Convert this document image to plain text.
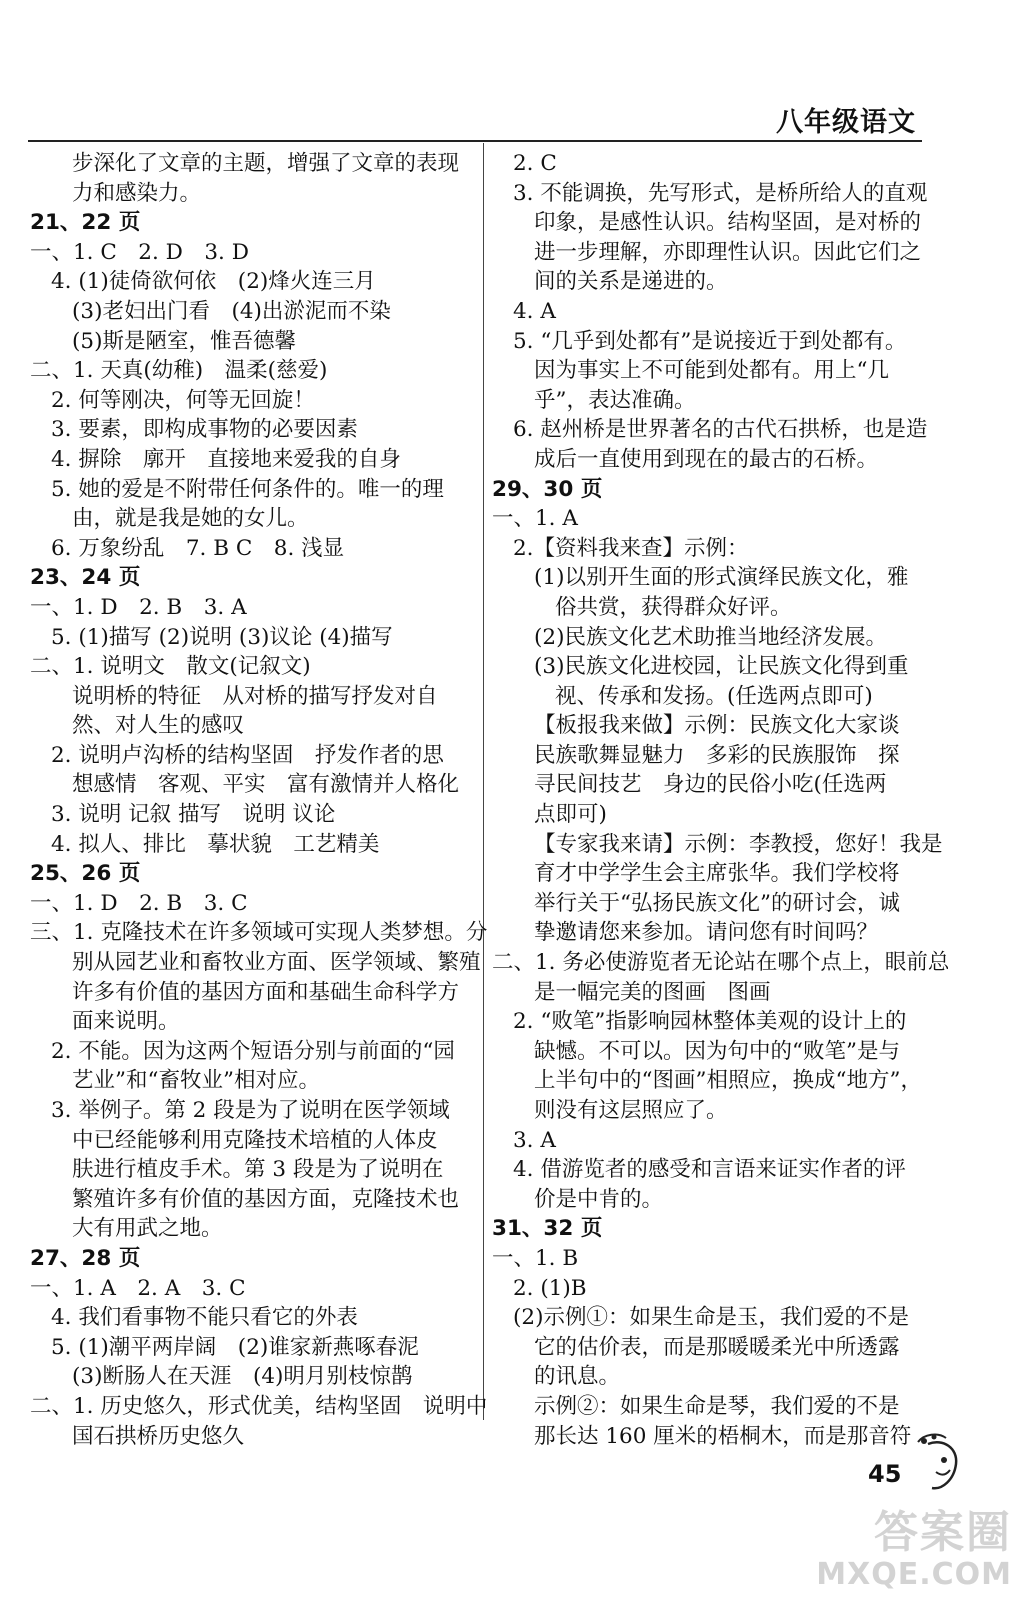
八年级语文
步深化了文章的主题，增强了文章的表现
力和感染力。
21、22 页
一、1. C　2. D　3. D
4. (1)徒倚欲何依　(2)烽火连三月
(3)老妇出门看　(4)出淤泥而不染
(5)斯是陋室，惟吾德馨
二、1. 天真(幼稚)　温柔(慈爱)
2. 何等刚决，何等无回旋！
3. 要素，即构成事物的必要因素
4. 摒除　廓开　直接地来爱我的自身
5. 她的爱是不附带任何条件的。唯一的理
由，就是我是她的女儿。
6. 万象纷乱　7. B C　8. 浅显
23、24 页
一、1. D　2. B　3. A
5. (1)描写 (2)说明 (3)议论 (4)描写
二、1. 说明文　散文(记叙文)
说明桥的特征　从对桥的描写抒发对自
然、对人生的感叹
2. 说明卢沟桥的结构坚固　抒发作者的思
想感情　客观、平实　富有激情并人格化
3. 说明 记叙 描写　说明 议论
4. 拟人、排比　摹状貌　工艺精美
25、26 页
一、1. D　2. B　3. C
三、1. 克隆技术在许多领域可实现人类梦想。分
别从园艺业和畜牧业方面、医学领域、繁殖
许多有价值的基因方面和基础生命科学方
面来说明。
2. 不能。因为这两个短语分别与前面的“园
艺业”和“畜牧业”相对应。
3. 举例子。第 2 段是为了说明在医学领域
中已经能够利用克隆技术培植的人体皮
肤进行植皮手术。第 3 段是为了说明在
繁殖许多有价值的基因方面，克隆技术也
大有用武之地。
27、28 页
一、1. A　2. A　3. C
4. 我们看事物不能只看它的外表
5. (1)潮平两岸阔　(2)谁家新燕啄春泥
(3)断肠人在天涯　(4)明月别枝惊鹊
二、1. 历史悠久，形式优美，结构坚固　说明中
国石拱桥历史悠久
2. C
3. 不能调换，先写形式，是桥所给人的直观
印象，是感性认识。结构坚固，是对桥的
进一步理解，亦即理性认识。因此它们之
间的关系是递进的。
4. A
5. “几乎到处都有”是说接近于到处都有。
因为事实上不可能到处都有。用上“几
乎”，表达准确。
6. 赵州桥是世界著名的古代石拱桥，也是造
成后一直使用到现在的最古的石桥。
29、30 页
一、1. A
2.【资料我来查】示例：
(1)以别开生面的形式演绎民族文化，雅
俗共赏，获得群众好评。
(2)民族文化艺术助推当地经济发展。
(3)民族文化进校园，让民族文化得到重
视、传承和发扬。(任选两点即可)
【板报我来做】示例：民族文化大家谈
民族歌舞显魅力　多彩的民族服饰　探
寻民间技艺　身边的民俗小吃(任选两
点即可)
【专家我来请】示例：李教授，您好！我是
育才中学学生会主席张华。我们学校将
举行关于“弘扬民族文化”的研讨会，诚
挚邀请您来参加。请问您有时间吗？
二、1. 务必使游览者无论站在哪个点上，眼前总
是一幅完美的图画　图画
2. “败笔”指影响园林整体美观的设计上的
缺憾。不可以。因为句中的“败笔”是与
上半句中的“图画”相照应，换成“地方”，
则没有这层照应了。
3. A
4. 借游览者的感受和言语来证实作者的评
价是中肯的。
31、32 页
一、1. B
2. (1)B
(2)示例①：如果生命是玉，我们爱的不是
它的估价表，而是那暖暖柔光中所透露
的讯息。
示例②：如果生命是琴，我们爱的不是
那长达 160 厘米的梧桐木，而是那音符
45
答案圈
MXQE.COM
